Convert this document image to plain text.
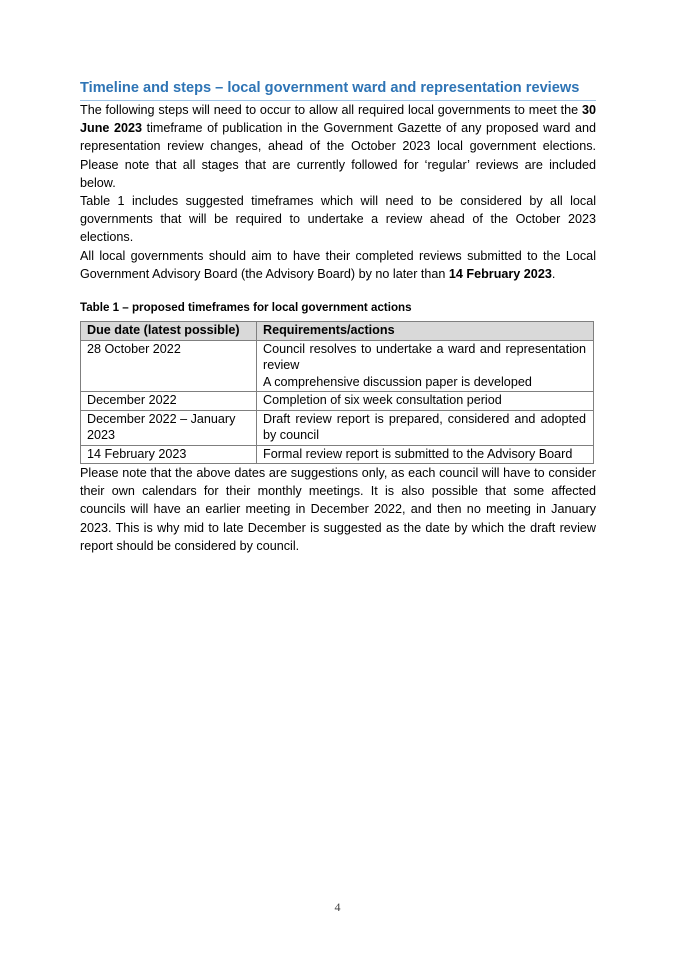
Timeline and steps – local government ward and representation reviews

The following steps will need to occur to allow all required local governments to meet the 30 June 2023 timeframe of publication in the Government Gazette of any proposed ward and representation review changes, ahead of the October 2023 local government elections. Please note that all stages that are currently followed for ‘regular’ reviews are included below.

Table 1 includes suggested timeframes which will need to be considered by all local governments that will be required to undertake a review ahead of the October 2023 elections.

All local governments should aim to have their completed reviews submitted to the Local Government Advisory Board (the Advisory Board) by no later than 14 February 2023.

Table 1 – proposed timeframes for local government actions
Due date (latest possible)	Requirements/actions
28 October 2022	Council resolves to undertake a ward and representation review
A comprehensive discussion paper is developed

December 2022	Completion of six week consultation period
December 2022 – January 2023	Draft review report is prepared, considered and adopted by council
14 February 2023	Formal review report is submitted to the Advisory Board

Please note that the above dates are suggestions only, as each council will have to consider their own calendars for their monthly meetings. It is also possible that some affected councils will have an earlier meeting in December 2022, and then no meeting in January 2023. This is why mid to late December is suggested as the date by which the draft review report should be considered by council.

4
